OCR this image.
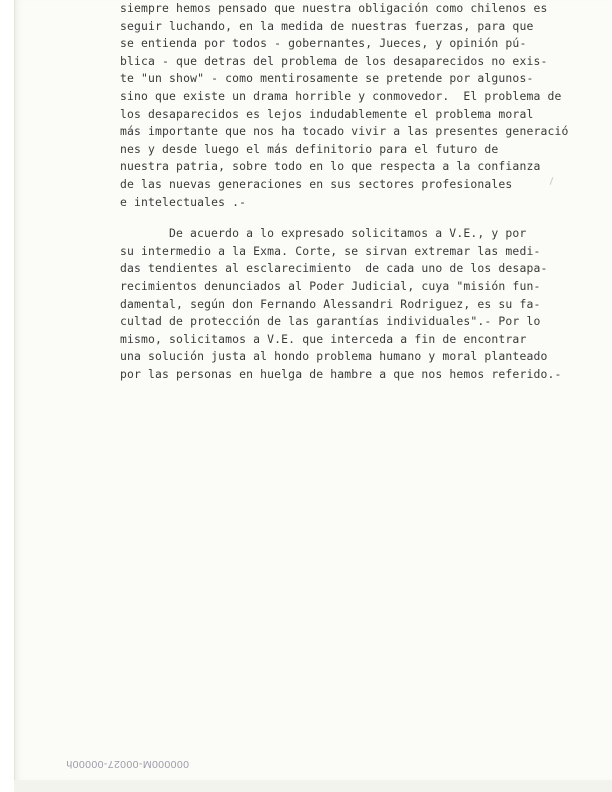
siempre hemos pensado que nuestra obligación como chilenos es
seguir luchando, en la medida de nuestras fuerzas, para que
se entienda por todos - gobernantes, Jueces, y opinión pú-
blica - que detras del problema de los desaparecidos no exis-
te "un show" - como mentirosamente se pretende por algunos-
sino que existe un drama horrible y conmovedor.  El problema de
los desaparecidos es lejos indudablemente el problema moral
más importante que nos ha tocado vivir a las presentes generació
nes y desde luego el más definitorio para el futuro de
nuestra patria, sobre todo en lo que respecta a la confianza
de las nuevas generaciones en sus sectores profesionales
e intelectuales .-
De acuerdo a lo expresado solicitamos a V.E., y por
su intermedio a la Exma. Corte, se sirvan extremar las medi-
das tendientes al esclarecimiento  de cada uno de los desapa-
recimientos denunciados al Poder Judicial, cuya "misión fun-
damental, según don Fernando Alessandri Rodriguez, es su fa-
cultad de protección de las garantías individuales".- Por lo
mismo, solicitamos a V.E. que interceda a fin de encontrar
una solución justa al hondo problema humano y moral planteado
por las personas en huelga de hambre a que nos hemos referido.-
000000M-00027-00000h
